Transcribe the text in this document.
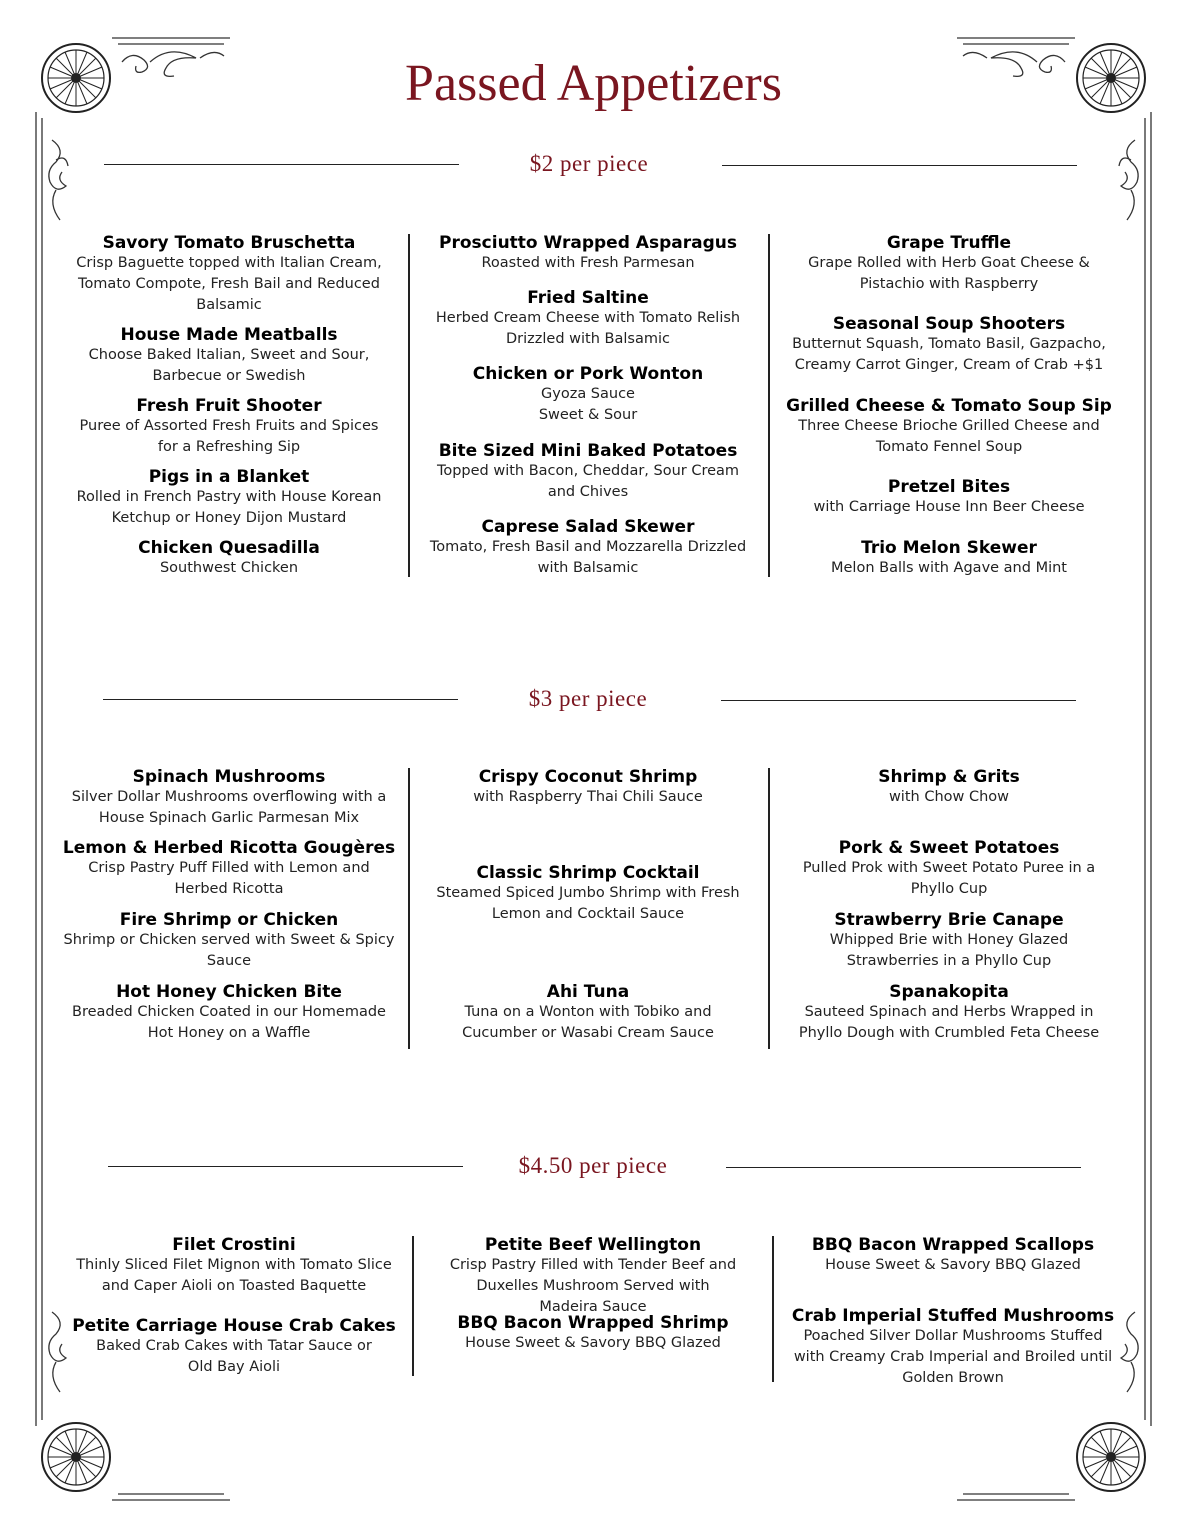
Passed Appetizers
$2 per piece
Savory Tomato Bruschetta
Crisp Baguette topped with Italian Cream,
Tomato Compote, Fresh Bail and Reduced
Balsamic
House Made Meatballs
Choose Baked Italian, Sweet and Sour,
Barbecue or Swedish
Fresh Fruit Shooter
Puree of Assorted Fresh Fruits and Spices
for a Refreshing Sip
Pigs in a Blanket
Rolled in French Pastry with House Korean
Ketchup or Honey Dijon Mustard
Chicken Quesadilla
Southwest Chicken
Prosciutto Wrapped Asparagus
Roasted with Fresh Parmesan
Fried Saltine
Herbed Cream Cheese with Tomato Relish
Drizzled with Balsamic
Chicken or Pork Wonton
Gyoza Sauce
Sweet & Sour
Bite Sized Mini Baked Potatoes
Topped with Bacon, Cheddar, Sour Cream
and Chives
Caprese Salad Skewer
Tomato, Fresh Basil and Mozzarella Drizzled
with Balsamic
Grape Truffle
Grape Rolled with Herb Goat Cheese &
Pistachio with Raspberry
Seasonal Soup Shooters
Butternut Squash, Tomato Basil, Gazpacho,
Creamy Carrot Ginger, Cream of Crab +$1
Grilled Cheese & Tomato Soup Sip
Three Cheese Brioche Grilled Cheese and
Tomato Fennel Soup
Pretzel Bites
with Carriage House Inn Beer Cheese
Trio Melon Skewer
Melon Balls with Agave and Mint
$3 per piece
Spinach Mushrooms
Silver Dollar Mushrooms overflowing with a
House Spinach Garlic Parmesan Mix
Lemon & Herbed Ricotta Gougères
Crisp Pastry Puff Filled with Lemon and
Herbed Ricotta
Fire Shrimp or Chicken
Shrimp or Chicken served with Sweet & Spicy
Sauce
Hot Honey Chicken Bite
Breaded Chicken Coated in our Homemade
Hot Honey on a Waffle
Crispy Coconut Shrimp
with Raspberry Thai Chili Sauce
Classic Shrimp Cocktail
Steamed Spiced Jumbo Shrimp with Fresh
Lemon and Cocktail Sauce
Ahi Tuna
Tuna on a Wonton with Tobiko and
Cucumber or Wasabi Cream Sauce
Shrimp & Grits
with Chow Chow
Pork & Sweet Potatoes
Pulled Prok with Sweet Potato Puree in a
Phyllo Cup
Strawberry Brie Canape
Whipped Brie with Honey Glazed
Strawberries in a Phyllo Cup
Spanakopita
Sauteed Spinach and Herbs Wrapped in
Phyllo Dough with Crumbled Feta Cheese
$4.50 per piece
Filet Crostini
Thinly Sliced Filet Mignon with Tomato Slice
and Caper Aioli on Toasted Baquette
Petite Carriage House Crab Cakes
Baked Crab Cakes with Tatar Sauce or
Old Bay Aioli
Petite Beef Wellington
Crisp Pastry Filled with Tender Beef and
Duxelles Mushroom Served with
Madeira Sauce
BBQ Bacon Wrapped Shrimp
House Sweet & Savory BBQ Glazed
BBQ Bacon Wrapped Scallops
House Sweet & Savory BBQ Glazed
Crab Imperial Stuffed Mushrooms
Poached Silver Dollar Mushrooms Stuffed
with Creamy Crab Imperial and Broiled until
Golden Brown
